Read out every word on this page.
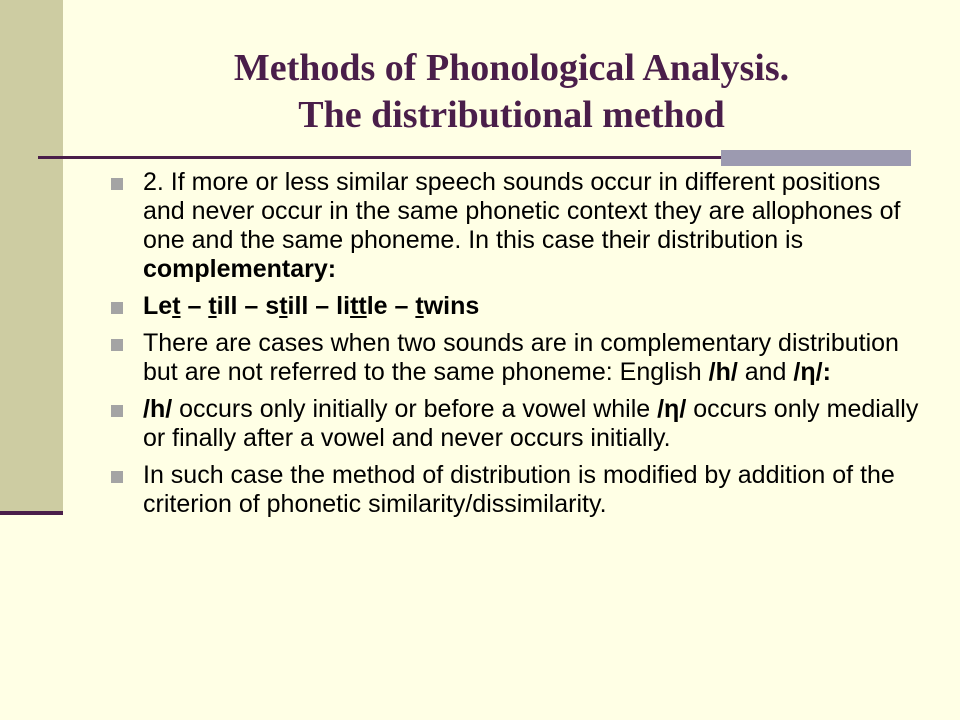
Methods of Phonological Analysis.
The distributional method
2. If more or less similar speech sounds occur in different positions and never occur in the same phonetic context they are allophones of one and the same phoneme. In this case their distribution is complementary:
Let – till – still – little – twins
There are cases when two sounds are in complementary distribution but are not referred to the same phoneme: English /h/ and /η/:
/h/ occurs only initially or before a vowel while /η/ occurs only medially or finally after a vowel and never occurs initially.
In such case the method of distribution is modified by addition of the criterion of phonetic similarity/dissimilarity.
